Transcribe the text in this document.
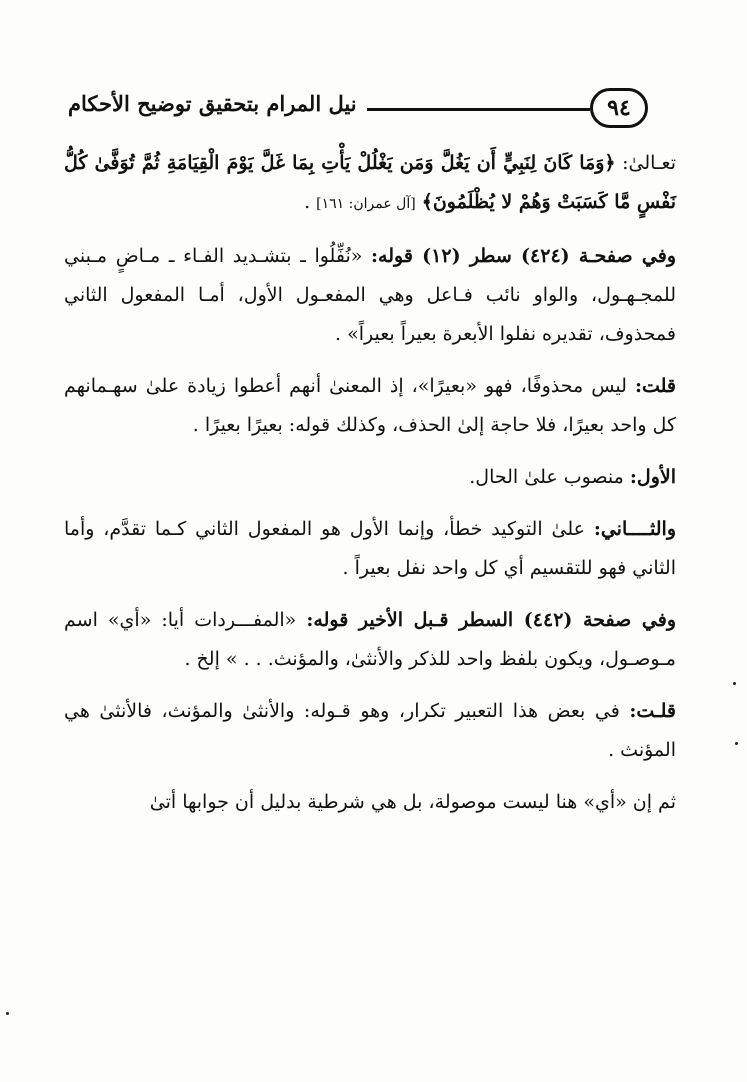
نيل المرام بتحقيق توضيح الأحكام	٩٤

تعـالىٰ: ﴿وَمَا كَانَ لِنَبِيٍّ أَن يَغُلَّ وَمَن يَغْلُلْ يَأْتِ بِمَا غَلَّ يَوْمَ الْقِيَامَةِ ثُمَّ تُوَفَّىٰ كُلُّ نَفْسٍ مَّا كَسَبَتْ وَهُمْ لا يُظْلَمُونَ﴾ [آل عمران: ١٦١] .

وفي صفحـة (٤٢٤) سطر (١٢) قوله: «نُفِّلُوا ـ بتشـديد الفـاء ـ مـاضٍ مـبني للمجـهـول، والواو نائب فـاعل وهي المفعـول الأول، أمـا المفعول الثاني فمحذوف، تقديره نفلوا الأبعرة بعيراً بعيراً» .

قلت: ليس محذوفًا، فهو «بعيرًا»، إذ المعنىٰ أنهم أعطوا زيادة علىٰ سهـمانهم كل واحد بعيرًا، فلا حاجة إلىٰ الحذف، وكذلك قوله: بعيرًا بعيرًا .

الأول: منصوب علىٰ الحال.

والثــــاني: علىٰ التوكيد خطأ، وإنما الأول هو المفعول الثاني كـما تقدَّم، وأما الثاني فهو للتقسيم أي كل واحد نفل بعيراً .

وفي صفحة (٤٤٢) السطر قـبل الأخير قوله: «المفـــردات أيا: «أي» اسم مـوصـول، ويكون بلفظ واحد للذكر والأنثىٰ، والمؤنث. . . » إلخ .

قلـت: في بعض هذا التعبير تكرار، وهو قـوله: والأنثىٰ والمؤنث، فالأنثىٰ هي المؤنث .

ثم إن «أي» هنا ليست موصولة، بل هي شرطية بدليل أن جوابها أتىٰ
